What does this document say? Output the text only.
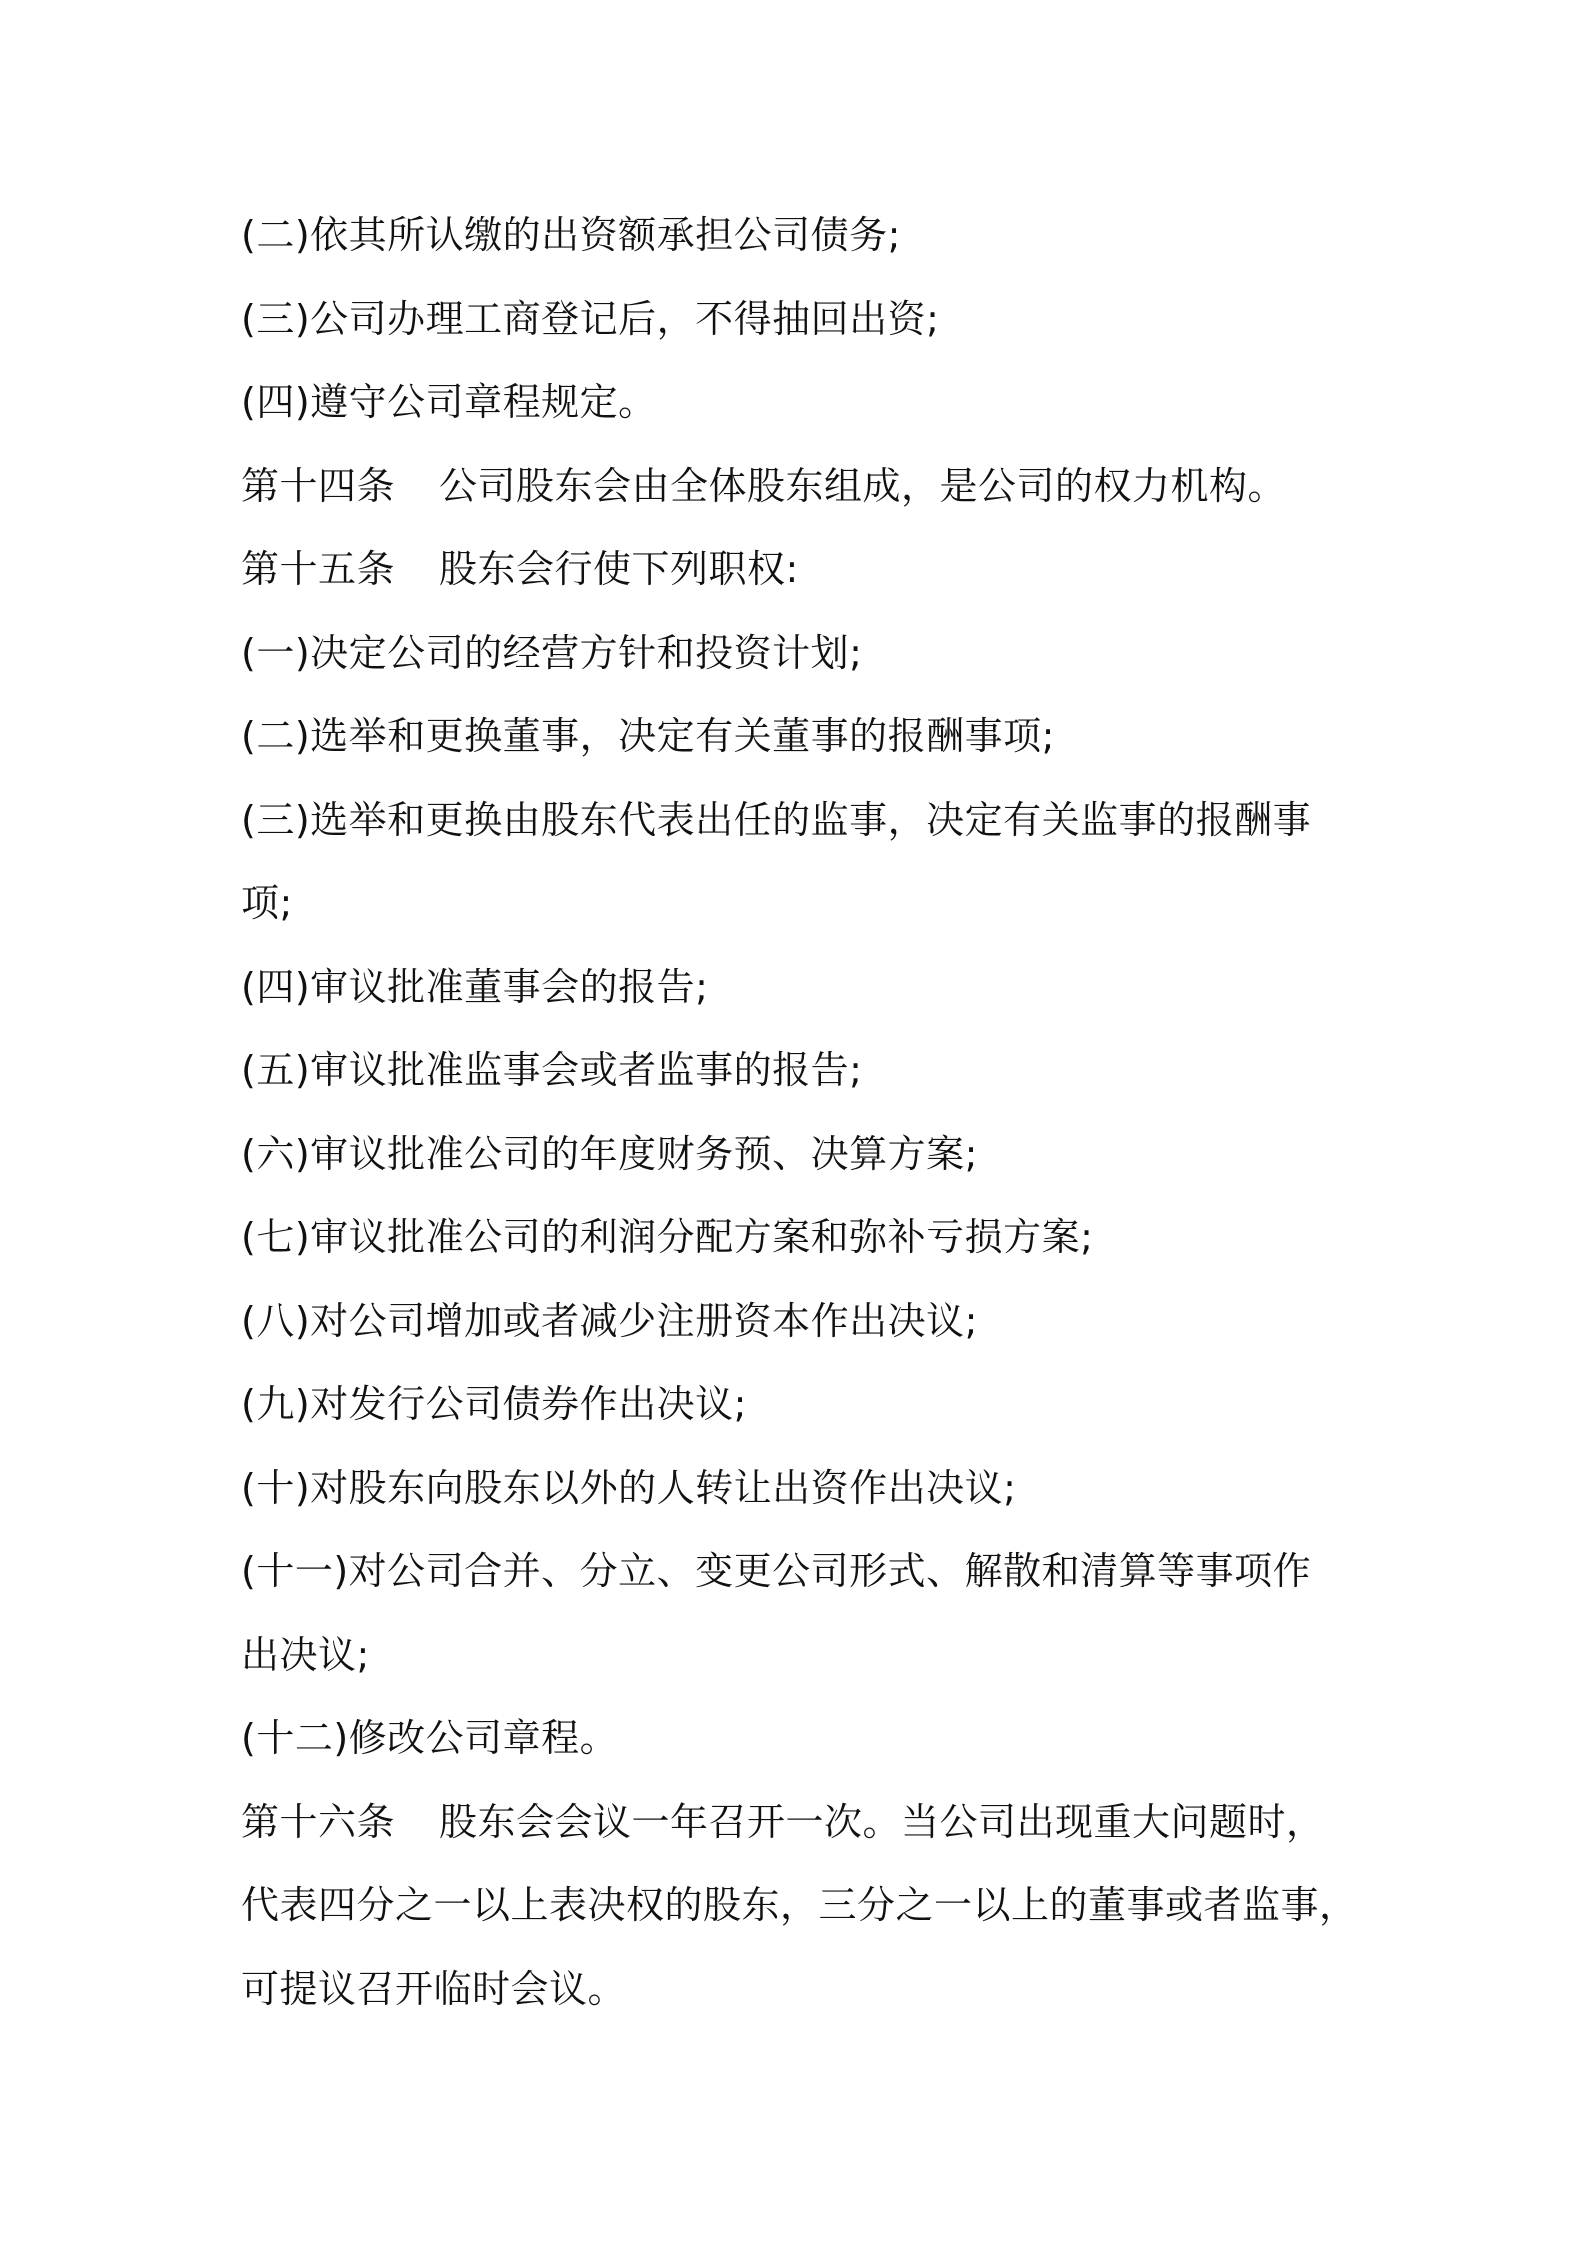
(二)依其所认缴的出资额承担公司债务;
(三)公司办理工商登记后，不得抽回出资;
(四)遵守公司章程规定。
第十四条 公司股东会由全体股东组成，是公司的权力机构。
第十五条 股东会行使下列职权:
(一)决定公司的经营方针和投资计划;
(二)选举和更换董事，决定有关董事的报酬事项;
(三)选举和更换由股东代表出任的监事，决定有关监事的报酬事
项;
(四)审议批准董事会的报告;
(五)审议批准监事会或者监事的报告;
(六)审议批准公司的年度财务预、决算方案;
(七)审议批准公司的利润分配方案和弥补亏损方案;
(八)对公司增加或者减少注册资本作出决议;
(九)对发行公司债券作出决议;
(十)对股东向股东以外的人转让出资作出决议;
(十一)对公司合并、分立、变更公司形式、解散和清算等事项作
出决议;
(十二)修改公司章程。
第十六条 股东会会议一年召开一次。当公司出现重大问题时，
代表四分之一以上表决权的股东，三分之一以上的董事或者监事，
可提议召开临时会议。
